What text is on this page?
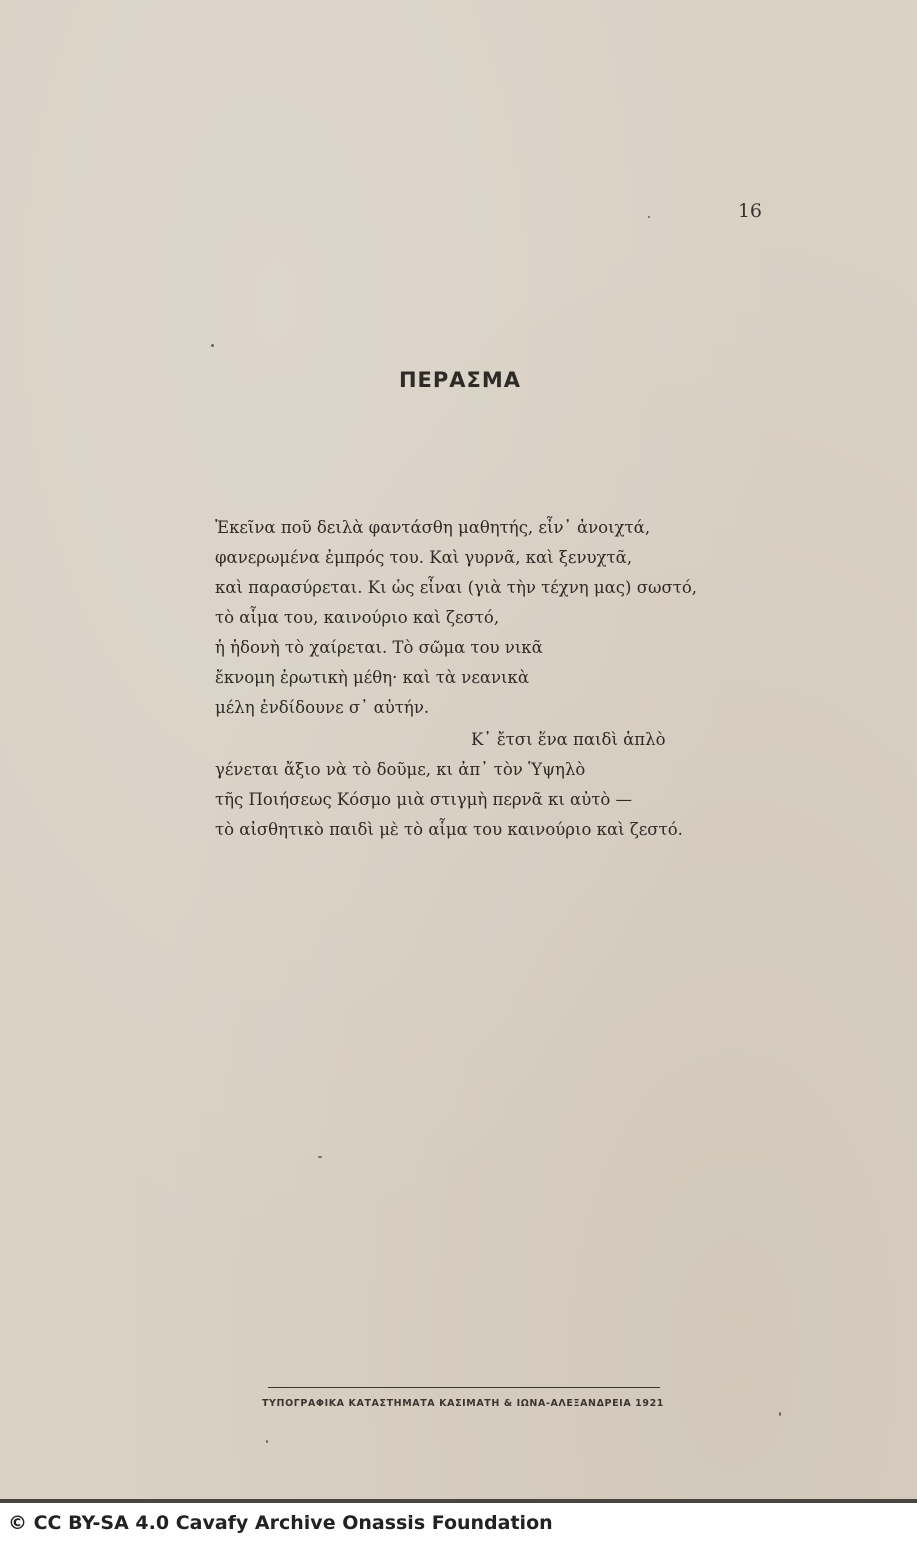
16
ΠΕΡΑΣΜΑ
Ἐκεῖνα ποῦ δειλὰ φαντάσθη μαθητής, εἶν᾽ ἀνοιχτά,
φανερωμένα ἐμπρός του. Καὶ γυρνᾶ, καὶ ξενυχτᾶ,
καὶ παρασύρεται. Κι ὡς εἶναι (γιὰ τὴν τέχνη μας) σωστό,
τὸ αἷμα του, καινούριο καὶ ζεστό,
ἡ ἡδονὴ τὸ χαίρεται. Τὸ σῶμα του νικᾶ
ἔκνομη ἐρωτικὴ μέθη· καὶ τὰ νεανικὰ
μέλη ἐνδίδουνε σ᾽ αὐτήν.
Κ᾽ ἔτσι ἕνα παιδὶ ἁπλὸ
γένεται ἄξιο νὰ τὸ δοῦμε, κι ἀπ᾽ τὸν Ὑψηλὸ
τῆς Ποιήσεως Κόσμο μιὰ στιγμὴ περνᾶ κι αὐτὸ —
τὸ αἰσθητικὸ παιδὶ μὲ τὸ αἷμα του καινούριο καὶ ζεστό.
ΤΥΠΟΓΡΑΦΙΚΑ ΚΑΤΑΣΤΗΜΑΤΑ ΚΑΣΙΜΑΤΗ & ΙΩΝΑ-ΑΛΕΞΑΝΔΡΕΙΑ 1921
© CC BY-SA 4.0 Cavafy Archive Onassis Foundation
